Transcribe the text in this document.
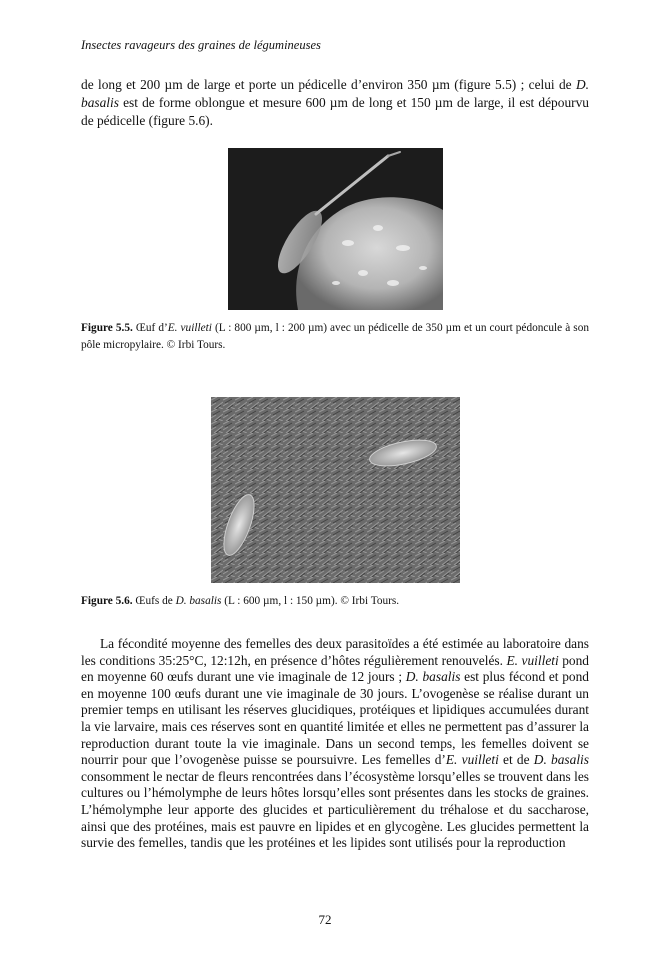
Insectes ravageurs des graines de légumineuses

de long et 200 µm de large et porte un pédicelle d’environ 350 µm (figure 5.5) ; celui de D. basalis est de forme oblongue et mesure 600 µm de long et 150 µm de large, il est dépourvu de pédicelle (figure 5.6).

Figure 5.5. Œuf d’E. vuilleti (L : 800 µm, l : 200 µm) avec un pédicelle de 350 µm et un court pédoncule à son pôle micropylaire. © Irbi Tours.

Figure 5.6. Œufs de D. basalis (L : 600 µm, l : 150 µm). © Irbi Tours.

La fécondité moyenne des femelles des deux parasitoïdes a été estimée au laboratoire dans les conditions 35:25°C, 12:12h, en présence d’hôtes régulièrement renouvelés. E. vuilleti pond en moyenne 60 œufs durant une vie imaginale de 12 jours ; D. basalis est plus fécond et pond en moyenne 100 œufs durant une vie imaginale de 30 jours. L’ovogenèse se réalise durant un premier temps en utilisant les réserves glucidiques, protéiques et lipidiques accumulées durant la vie larvaire, mais ces réserves sont en quantité limitée et elles ne permettent pas d’assurer la reproduction durant toute la vie imaginale. Dans un second temps, les femelles doivent se nourrir pour que l’ovogenèse puisse se poursuivre. Les femelles d’E. vuilleti et de D. basalis consomment le nectar de fleurs rencontrées dans l’écosystème lorsqu’elles se trouvent dans les cultures ou l’hémolymphe de leurs hôtes lorsqu’elles sont présentes dans les stocks de graines. L’hémolymphe leur apporte des glucides et particulièrement du tréhalose et du saccharose, ainsi que des protéines, mais est pauvre en lipides et en glycogène. Les glucides permettent la survie des femelles, tandis que les protéines et les lipides sont utilisés pour la reproduction

72
